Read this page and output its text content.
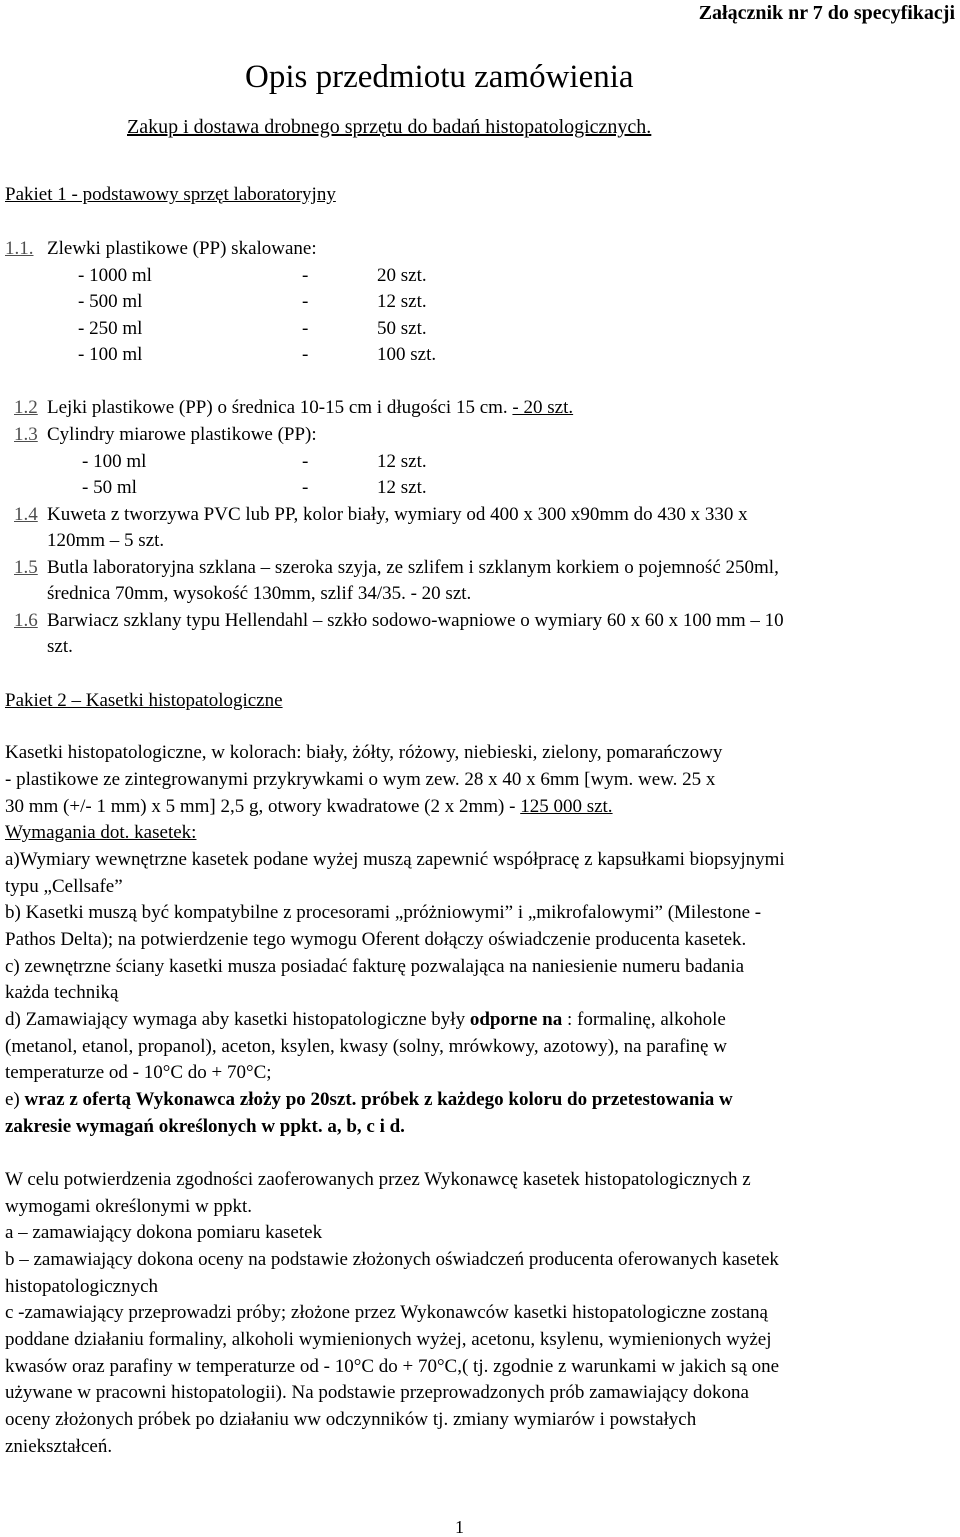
Załącznik nr 7 do specyfikacji
Opis przedmiotu zamówienia
Zakup i dostawa drobnego sprzętu do badań histopatologicznych.
Pakiet 1 - podstawowy sprzęt laboratoryjny
1.1. Zlewki plastikowe (PP) skalowane:
- 1000 ml	-	20 szt.
- 500 ml	-	12 szt.
- 250 ml	-	50 szt.
- 100 ml	-	100 szt.
1.2 Lejki plastikowe (PP) o średnica 10-15 cm i długości 15 cm. - 20 szt.
1.3 Cylindry miarowe plastikowe (PP):
- 100 ml	-	12 szt.
- 50 ml	-	12 szt.
1.4 Kuweta z tworzywa PVC lub PP, kolor biały, wymiary od 400 x 300 x90mm do 430 x 330 x
120mm – 5 szt.
1.5 Butla laboratoryjna szklana – szeroka szyja, ze szlifem i szklanym korkiem o pojemność 250ml,
średnica 70mm, wysokość 130mm, szlif 34/35. - 20 szt.
1.6 Barwiacz szklany typu Hellendahl – szkło sodowo-wapniowe o wymiary 60 x 60 x 100 mm – 10
szt.
Pakiet 2 – Kasetki histopatologiczne
Kasetki histopatologiczne, w kolorach: biały, żółty, różowy, niebieski, zielony, pomarańczowy
- plastikowe ze zintegrowanymi przykrywkami o wym zew. 28 x 40 x 6mm [wym. wew. 25 x
30 mm (+/- 1 mm) x 5 mm] 2,5 g, otwory kwadratowe (2 x 2mm) - 125 000 szt.
Wymagania dot. kasetek:
a)Wymiary wewnętrzne kasetek podane wyżej muszą zapewnić współpracę z kapsułkami biopsyjnymi
typu „Cellsafe”
b) Kasetki muszą być kompatybilne z procesorami „próżniowymi” i „mikrofalowymi” (Milestone -
Pathos Delta); na potwierdzenie tego wymogu Oferent dołączy oświadczenie producenta kasetek.
c) zewnętrzne ściany kasetki musza posiadać fakturę pozwalająca na naniesienie numeru badania
każda techniką
d) Zamawiający wymaga aby kasetki histopatologiczne były odporne na : formalinę, alkohole
(metanol, etanol, propanol), aceton, ksylen, kwasy (solny, mrówkowy, azotowy), na parafinę w
temperaturze od - 10°C do + 70°C;
e) wraz z ofertą Wykonawca złoży po 20szt. próbek z każdego koloru do przetestowania w
zakresie wymagań określonych w ppkt. a, b, c i d.
W celu potwierdzenia zgodności zaoferowanych przez Wykonawcę kasetek histopatologicznych z
wymogami określonymi w ppkt.
a – zamawiający dokona pomiaru kasetek
b – zamawiający dokona oceny na podstawie złożonych oświadczeń producenta oferowanych kasetek
histopatologicznych
c -zamawiający przeprowadzi próby; złożone przez Wykonawców kasetki histopatologiczne zostaną
poddane działaniu formaliny, alkoholi wymienionych wyżej, acetonu, ksylenu, wymienionych wyżej
kwasów oraz parafiny w temperaturze od - 10°C do + 70°C,( tj. zgodnie z warunkami w jakich są one
używane w pracowni histopatologii). Na podstawie przeprowadzonych prób zamawiający dokona
oceny złożonych próbek po działaniu ww odczynników tj. zmiany wymiarów i powstałych
zniekształceń.
1
